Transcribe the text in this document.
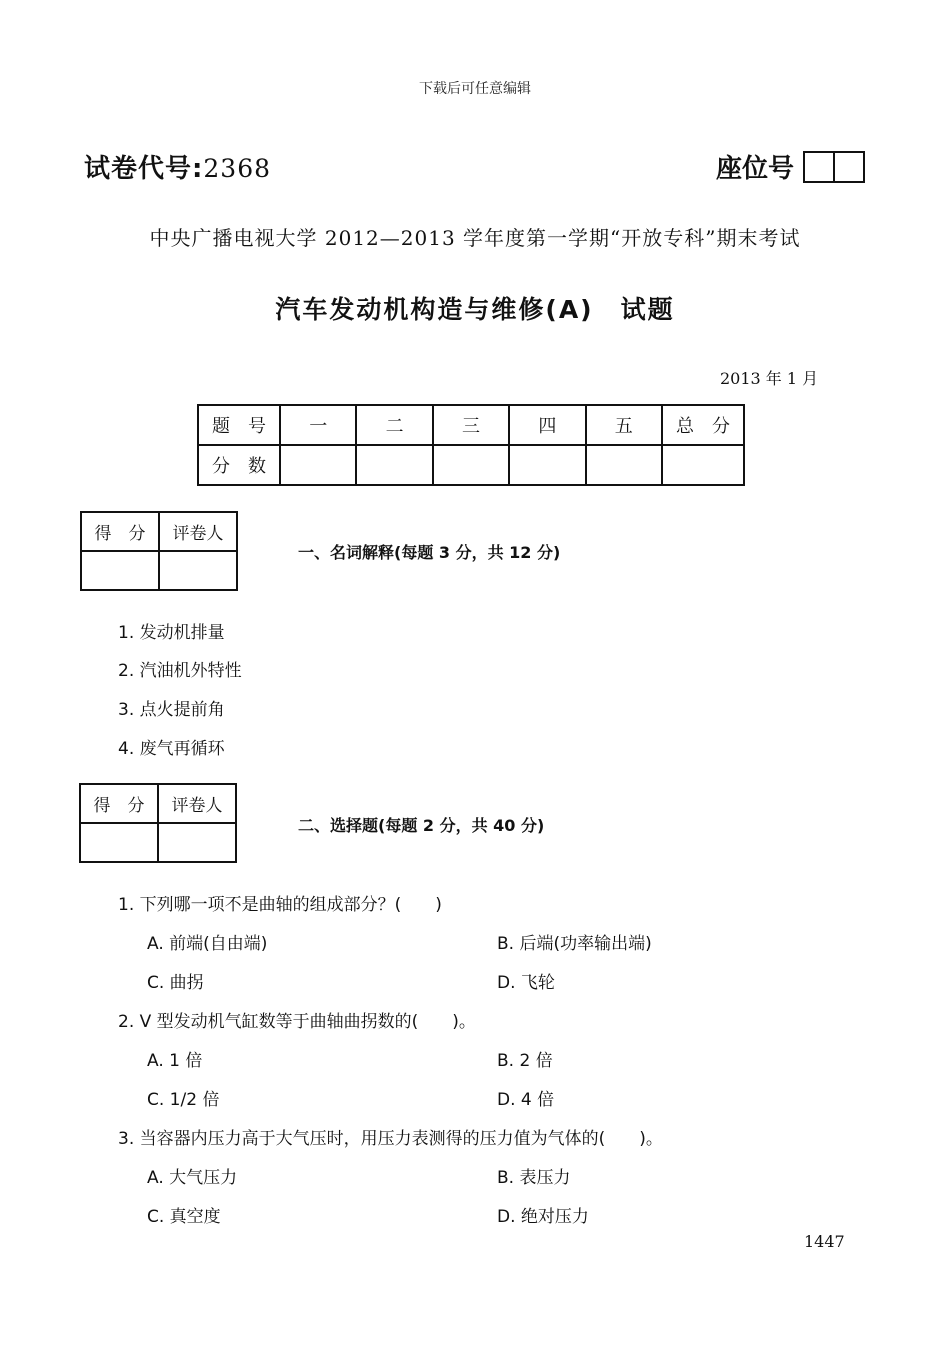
下载后可任意编辑
试卷代号:2368	座位号
中央广播电视大学 2012—2013 学年度第一学期“开放专科”期末考试
汽车发动机构造与维修(A)　试题
2013 年 1 月
题　号	一	二	三	四	五	总　分
分　数						
得　分	评卷人

一、名词解释(每题 3 分，共 12 分)
1. 发动机排量
2. 汽油机外特性
3. 点火提前角
4. 废气再循环
得　分	评卷人

二、选择题(每题 2 分，共 40 分)
1. 下列哪一项不是曲轴的组成部分？(　　)
A. 前端(自由端)	B. 后端(功率输出端)
C. 曲拐	D. 飞轮
2. V 型发动机气缸数等于曲轴曲拐数的(　　)。
A. 1 倍	B. 2 倍
C. 1/2 倍	D. 4 倍
3. 当容器内压力高于大气压时，用压力表测得的压力值为气体的(　　)。
A. 大气压力	B. 表压力
C. 真空度	D. 绝对压力
1447
